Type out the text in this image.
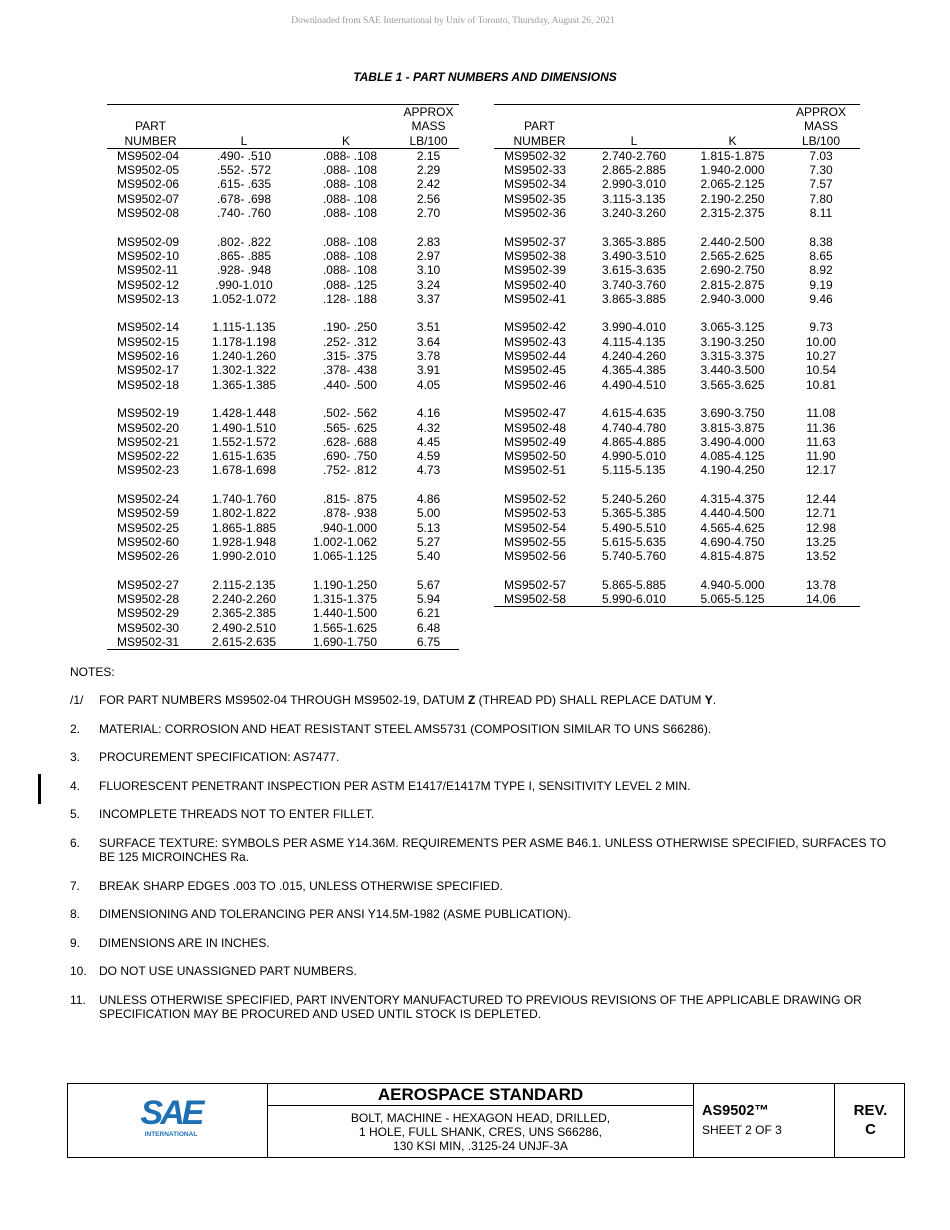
Downloaded from SAE International by Univ of Toronto, Thursday, August 26, 2021
TABLE 1 - PART NUMBERS AND DIMENSIONS
PART
NUMBER	L	K	APPROX
MASS
LB/100
MS9502-04	.490- .510	.088- .108	2.15
MS9502-05	.552- .572	.088- .108	2.29
MS9502-06	.615- .635	.088- .108	2.42
MS9502-07	.678- .698	.088- .108	2.56
MS9502-08	.740- .760	.088- .108	2.70

MS9502-09	.802- .822	.088- .108	2.83
MS9502-10	.865- .885	.088- .108	2.97
MS9502-11	.928- .948	.088- .108	3.10
MS9502-12	.990-1.010	.088- .125	3.24
MS9502-13	1.052-1.072	.128- .188	3.37

MS9502-14	1.115-1.135	.190- .250	3.51
MS9502-15	1.178-1.198	.252- .312	3.64
MS9502-16	1.240-1.260	.315- .375	3.78
MS9502-17	1.302-1.322	.378- .438	3.91
MS9502-18	1.365-1.385	.440- .500	4.05

MS9502-19	1.428-1.448	.502- .562	4.16
MS9502-20	1.490-1.510	.565- .625	4.32
MS9502-21	1.552-1.572	.628- .688	4.45
MS9502-22	1.615-1.635	.690- .750	4.59
MS9502-23	1.678-1.698	.752- .812	4.73

MS9502-24	1.740-1.760	.815- .875	4.86
MS9502-59	1.802-1.822	.878- .938	5.00
MS9502-25	1.865-1.885	.940-1.000	5.13
MS9502-60	1.928-1.948	1.002-1.062	5.27
MS9502-26	1.990-2.010	1.065-1.125	5.40

MS9502-27	2.115-2.135	1.190-1.250	5.67
MS9502-28	2.240-2.260	1.315-1.375	5.94
MS9502-29	2.365-2.385	1.440-1.500	6.21
MS9502-30	2.490-2.510	1.565-1.625	6.48
MS9502-31	2.615-2.635	1.690-1.750	6.75
PART
NUMBER	L	K	APPROX
MASS
LB/100
MS9502-32	2.740-2.760	1.815-1.875	7.03
MS9502-33	2.865-2.885	1.940-2.000	7.30
MS9502-34	2.990-3.010	2.065-2.125	7.57
MS9502-35	3.115-3.135	2.190-2.250	7.80
MS9502-36	3.240-3.260	2.315-2.375	8.11

MS9502-37	3.365-3.885	2.440-2.500	8.38
MS9502-38	3.490-3.510	2.565-2.625	8.65
MS9502-39	3.615-3.635	2.690-2.750	8.92
MS9502-40	3.740-3.760	2.815-2.875	9.19
MS9502-41	3.865-3.885	2.940-3.000	9.46

MS9502-42	3.990-4.010	3.065-3.125	9.73
MS9502-43	4.115-4.135	3.190-3.250	10.00
MS9502-44	4.240-4.260	3.315-3.375	10.27
MS9502-45	4.365-4.385	3.440-3.500	10.54
MS9502-46	4.490-4.510	3.565-3.625	10.81

MS9502-47	4.615-4.635	3.690-3.750	11.08
MS9502-48	4.740-4.780	3.815-3.875	11.36
MS9502-49	4.865-4.885	3.490-4.000	11.63
MS9502-50	4.990-5.010	4.085-4.125	11.90
MS9502-51	5.115-5.135	4.190-4.250	12.17

MS9502-52	5.240-5.260	4.315-4.375	12.44
MS9502-53	5.365-5.385	4.440-4.500	12.71
MS9502-54	5.490-5.510	4.565-4.625	12.98
MS9502-55	5.615-5.635	4.690-4.750	13.25
MS9502-56	5.740-5.760	4.815-4.875	13.52

MS9502-57	5.865-5.885	4.940-5.000	13.78
MS9502-58	5.990-6.010	5.065-5.125	14.06

NOTES:
/1/ FOR PART NUMBERS MS9502-04 THROUGH MS9502-19, DATUM Z (THREAD PD) SHALL REPLACE DATUM Y.
2. MATERIAL: CORROSION AND HEAT RESISTANT STEEL AMS5731 (COMPOSITION SIMILAR TO UNS S66286).
3. PROCUREMENT SPECIFICATION: AS7477.
4. FLUORESCENT PENETRANT INSPECTION PER ASTM E1417/E1417M TYPE I, SENSITIVITY LEVEL 2 MIN.
5. INCOMPLETE THREADS NOT TO ENTER FILLET.
6. SURFACE TEXTURE: SYMBOLS PER ASME Y14.36M. REQUIREMENTS PER ASME B46.1. UNLESS OTHERWISE SPECIFIED, SURFACES TO BE 125 MICROINCHES Ra.
7. BREAK SHARP EDGES .003 TO .015, UNLESS OTHERWISE SPECIFIED.
8. DIMENSIONING AND TOLERANCING PER ANSI Y14.5M-1982 (ASME PUBLICATION).
9. DIMENSIONS ARE IN INCHES.
10. DO NOT USE UNASSIGNED PART NUMBERS.
11. UNLESS OTHERWISE SPECIFIED, PART INVENTORY MANUFACTURED TO PREVIOUS REVISIONS OF THE APPLICABLE DRAWING OR SPECIFICATION MAY BE PROCURED AND USED UNTIL STOCK IS DEPLETED.
SAE
INTERNATIONAL
AEROSPACE STANDARD
BOLT, MACHINE - HEXAGON HEAD, DRILLED,
1 HOLE, FULL SHANK, CRES, UNS S66286,
130 KSI MIN, .3125-24 UNJF-3A
AS9502™
SHEET 2 OF 3
REV.
C
